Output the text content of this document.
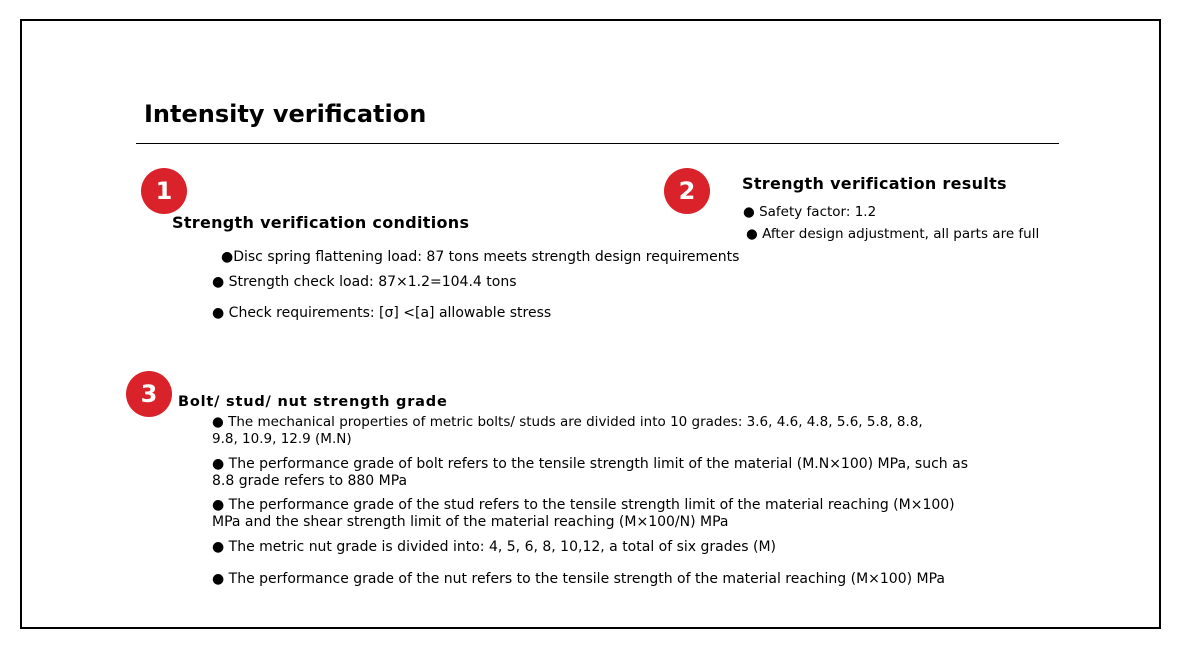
Intensity verification
1
Strength verification conditions
●Disc spring flattening load: 87 tons meets strength design requirements
● Strength check load: 87×1.2=104.4 tons
● Check requirements: [σ] <[a] allowable stress
2	Strength verification results
● Safety factor: 1.2
● After design adjustment, all parts are full
3	Bolt/ stud/ nut strength grade
● The mechanical properties of metric bolts/ studs are divided into 10 grades: 3.6, 4.6, 4.8, 5.6, 5.8, 8.8, 9.8, 10.9, 12.9 (M.N)
● The performance grade of bolt refers to the tensile strength limit of the material (M.N×100) MPa, such as 8.8 grade refers to 880 MPa
● The performance grade of the stud refers to the tensile strength limit of the material reaching (M×100) MPa and the shear strength limit of the material reaching (M×100/N) MPa
● The metric nut grade is divided into: 4, 5, 6, 8, 10,12, a total of six grades (M)
● The performance grade of the nut refers to the tensile strength of the material reaching (M×100) MPa
